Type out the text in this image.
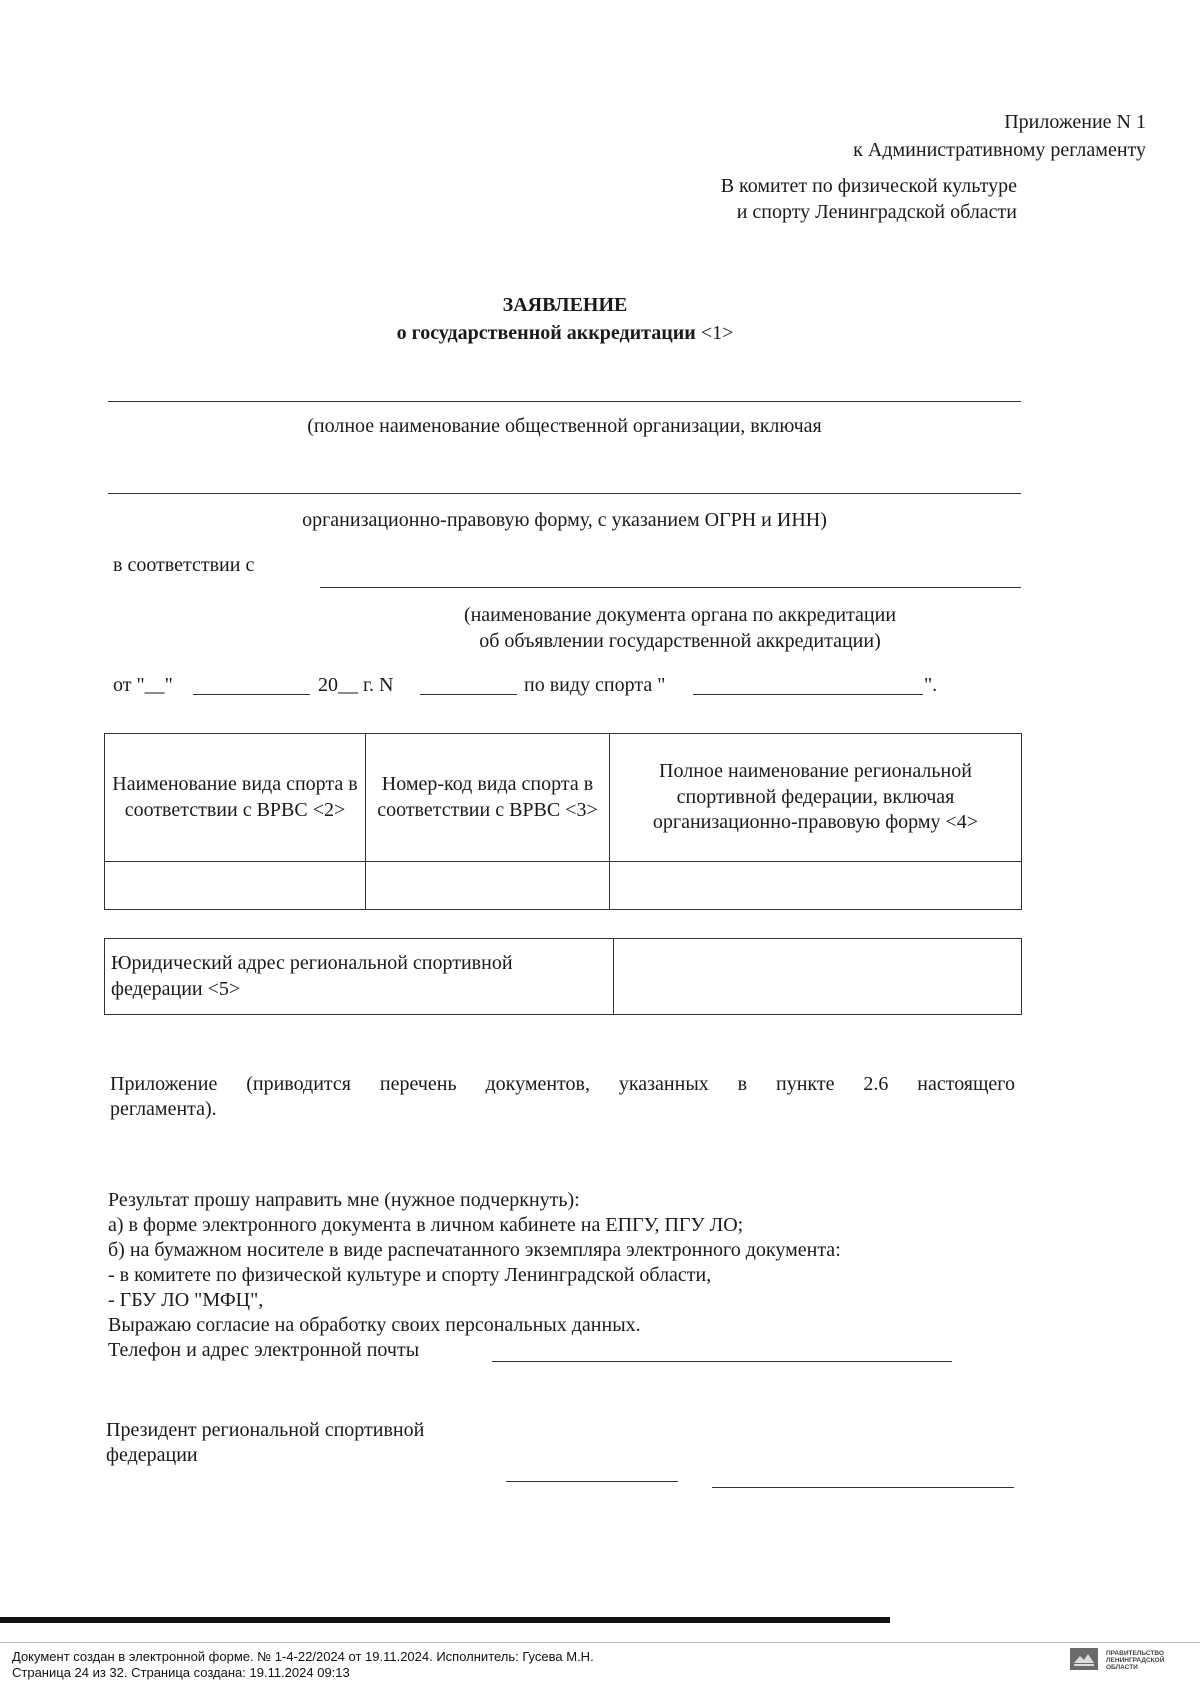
Приложение N 1
к Административному регламенту
В комитет по физической культуре
и спорту Ленинградской области
ЗАЯВЛЕНИЕ
о государственной аккредитации <1>
(полное наименование общественной организации, включая
организационно-правовую форму, с указанием ОГРН и ИНН)
в соответствии с
(наименование документа органа по аккредитации
об объявлении государственной аккредитации)
от "__"	20__ г. N	по виду спорта "	".
Наименование вида спорта в соответствии с ВРВС <2>	Номер-код вида спорта в соответствии с ВРВС <3>	Полное наименование региональной спортивной федерации, включая организационно-правовую форму <4>

Юридический адрес региональной спортивной федерации <5>	
Приложение (приводится перечень документов, указанных в пункте 2.6 настоящего
регламента).
Результат прошу направить мне (нужное подчеркнуть):
а) в форме электронного документа в личном кабинете на ЕПГУ, ПГУ ЛО;
б) на бумажном носителе в виде распечатанного экземпляра электронного документа:
- в комитете по физической культуре и спорту Ленинградской области,
- ГБУ ЛО "МФЦ",
Выражаю согласие на обработку своих персональных данных.
Телефон и адрес электронной почты
Президент региональной спортивной
федерации
Документ создан в электронной форме. № 1-4-22/2024 от 19.11.2024. Исполнитель: Гусева М.Н.
Страница 24 из 32. Страница создана: 19.11.2024 09:13
ПРАВИТЕЛЬСТВО
ЛЕНИНГРАДСКОЙ
ОБЛАСТИ
